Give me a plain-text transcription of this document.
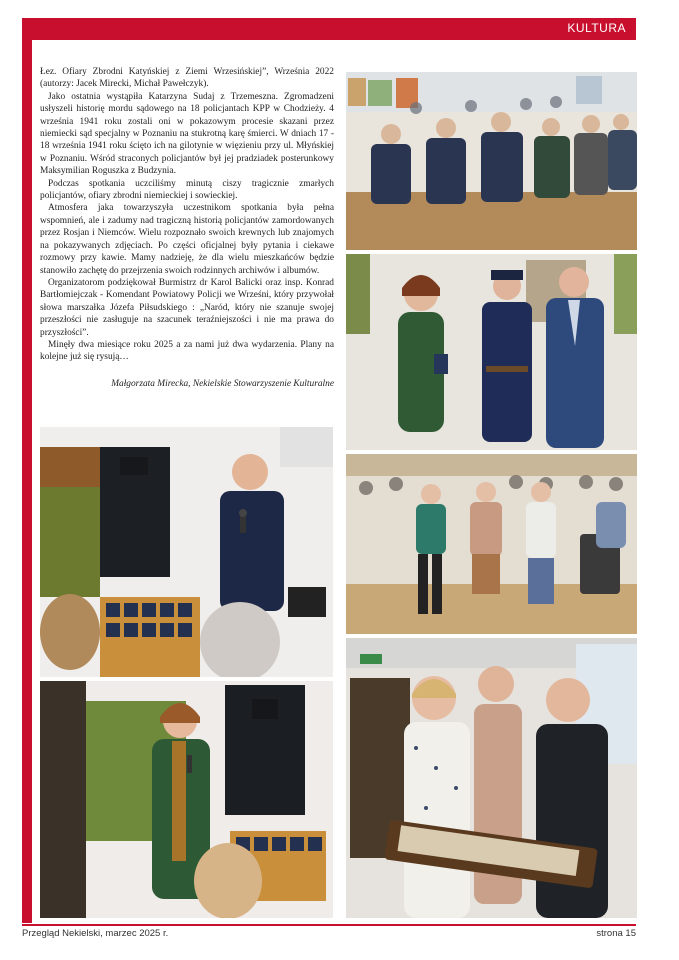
KULTURA

Łez. Ofiary Zbrodni Katyńskiej z Ziemi Wrzesińskiej”, Września 2022 (autorzy: Jacek Mirecki, Michał Pawełczyk).

Jako ostatnia wystąpiła Katarzyna Sudaj z Trzemeszna. Zgromadzeni usłyszeli historię mordu sądowego na 18 policjantach KPP w Chodzieży. 4 września 1941 roku zostali oni w pokazowym procesie skazani przez niemiecki sąd specjalny w Poznaniu na stukrotną karę śmierci. W dniach 17 - 18 września 1941 roku ścięto ich na gilotynie w więzieniu przy ul. Młyńskiej w Poznaniu. Wśród straconych policjantów był jej pradziadek posterunkowy Maksymilian Roguszka z Budzynia.

Podczas spotkania uczciliśmy minutą ciszy tragicznie zmarłych policjantów, ofiary zbrodni niemieckiej i sowieckiej.

Atmosfera jaka towarzyszyła uczestnikom spotkania była pełna wspomnień, ale i zadumy nad tragiczną historią policjantów zamordowanych przez Rosjan i Niemców. Wielu rozpoznało swoich krewnych lub znajomych na pokazywanych zdjęciach. Po części oficjalnej były pytania i ciekawe rozmowy przy kawie. Mamy nadzieję, że dla wielu mieszkańców będzie stanowiło zachętę do przejrzenia swoich rodzinnych archiwów i albumów.

Organizatorom podziękował Burmistrz dr Karol Balicki oraz insp. Konrad Bartłomiejczak - Komendant Powiatowy Policji we Wrześni, który przywołał słowa marszałka Józefa Piłsudskiego : „Naród, który nie szanuje swojej przeszłości nie zasługuje na szacunek teraźniejszości i nie ma prawa do przyszłości”.

Minęły dwa miesiące roku 2025 a za nami już dwa wydarzenia. Plany na kolejne już się rysują…

Małgorzata Mirecka, Nekielskie Stowarzyszenie Kulturalne

Przegląd Nekielski, marzec 2025 r.	strona 15
